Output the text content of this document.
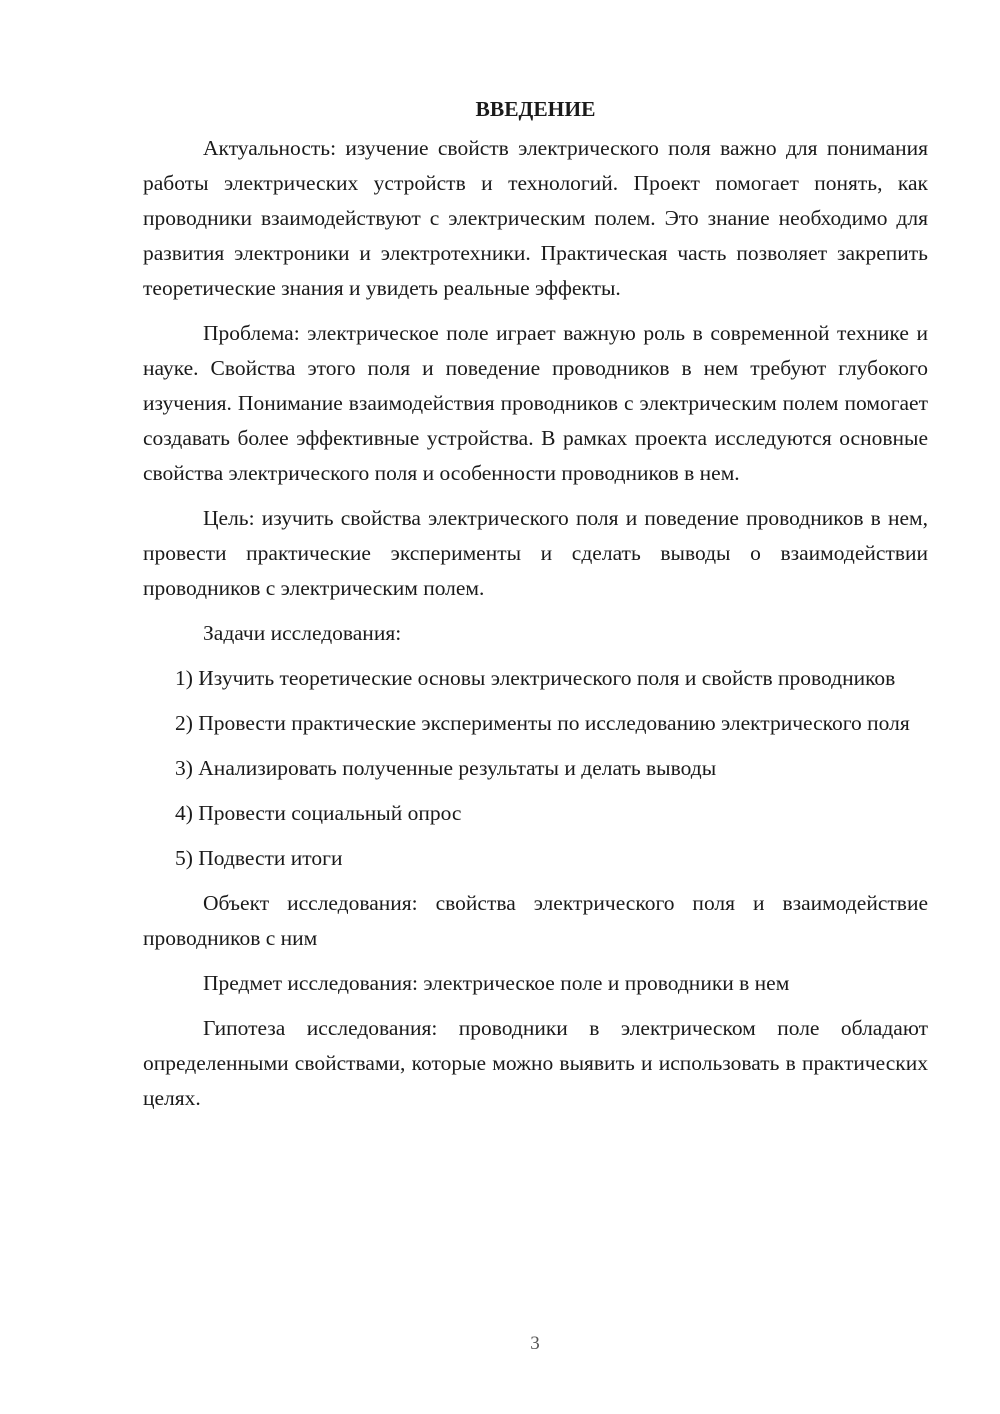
ВВЕДЕНИЕ

Актуальность: изучение свойств электрического поля важно для понимания работы электрических устройств и технологий. Проект помогает понять, как проводники взаимодействуют с электрическим полем. Это знание необходимо для развития электроники и электротехники. Практическая часть позволяет закрепить теоретические знания и увидеть реальные эффекты.

Проблема: электрическое поле играет важную роль в современной технике и науке. Свойства этого поля и поведение проводников в нем требуют глубокого изучения. Понимание взаимодействия проводников с электрическим полем помогает создавать более эффективные устройства. В рамках проекта исследуются основные свойства электрического поля и особенности проводников в нем.

Цель: изучить свойства электрического поля и поведение проводников в нем, провести практические эксперименты и сделать выводы о взаимодействии проводников с электрическим полем.

Задачи исследования:

1) Изучить теоретические основы электрического поля и свойств проводников

2) Провести практические эксперименты по исследованию электрического поля

3) Анализировать полученные результаты и делать выводы

4) Провести социальный опрос

5) Подвести итоги

Объект исследования: свойства электрического поля и взаимодействие проводников с ним

Предмет исследования: электрическое поле и проводники в нем

Гипотеза исследования: проводники в электрическом поле обладают определенными свойствами, которые можно выявить и использовать в практических целях.

3
